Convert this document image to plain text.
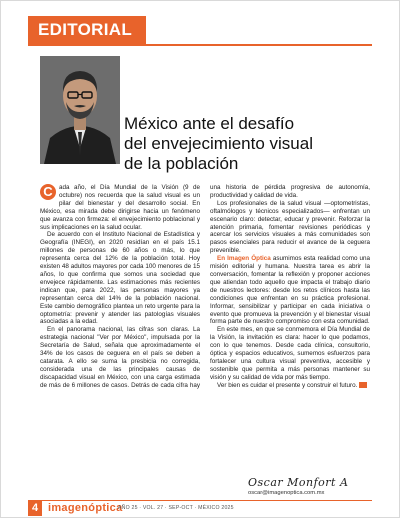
EDITORIAL
México ante el desafío
del envejecimiento visual
de la población

C	ada año, el Día Mundial de la Visión (9 de octubre) nos recuerda que la salud visual es un pilar del bienestar y del desarrollo social. En México, esa mirada debe dirigirse hacia un fenómeno que avanza con firmeza: el envejecimiento poblacional y sus implicaciones en la salud ocular.

De acuerdo con el Instituto Nacional de Estadística y Geografía (INEGI), en 2020 residían en el país 15.1 millones de personas de 60 años o más, lo que representa cerca del 12% de la población total. Hoy existen 48 adultos mayores por cada 100 menores de 15 años, lo que confirma que somos una sociedad que envejece rápidamente. Las estimaciones más recientes indican que, para 2022, las personas mayores ya representan cerca del 14% de la población nacional. Este cambio demográfico plantea un reto urgente para la optometría: prevenir y atender las patologías visuales asociadas a la edad.

En el panorama nacional, las cifras son claras. La estrategia nacional "Ver por México", impulsada por la Secretaría de Salud, señala que aproximadamente el 34% de los casos de ceguera en el país se deben a catarata. A ello se suma la presbicia no corregida, considerada una de las principales causas de discapacidad visual en México, con una carga estimada de más de 6 millones de casos. Detrás de cada cifra hay una historia de pérdida progresiva de autonomía, productividad y calidad de vida.

Los profesionales de la salud visual —optometristas, oftalmólogos y técnicos especializados— enfrentan un escenario claro: detectar, educar y prevenir. Reforzar la atención primaria, fomentar revisiones periódicas y acercar los servicios visuales a más comunidades son pasos esenciales para reducir el avance de la ceguera prevenible.

En Imagen Óptica asumimos esta realidad como una misión editorial y humana. Nuestra tarea es abrir la conversación, fomentar la reflexión y proponer acciones que atiendan todo aquello que impacta el trabajo diario de nuestros lectores: desde los retos clínicos hasta las condiciones que enfrentan en su práctica profesional. Informar, sensibilizar y participar en cada iniciativa o evento que promueva la prevención y el bienestar visual forma parte de nuestro compromiso con esta comunidad.

En este mes, en que se conmemora el Día Mundial de la Visión, la invitación es clara: hacer lo que podamos, con lo que tenemos. Desde cada clínica, consultorio, óptica y espacios educativos, sumemos esfuerzos para fortalecer una cultura visual preventiva, accesible y sostenible que permita a más personas mantener su visión y su calidad de vida por más tiempo.

Ver bien es cuidar el presente y construir el futuro.

Oscar Monfort A
oscar@imagenoptica.com.mx
4 imagenóptica
AÑO 25 · VOL. 27 · SEP-OCT · MÉXICO 2025
